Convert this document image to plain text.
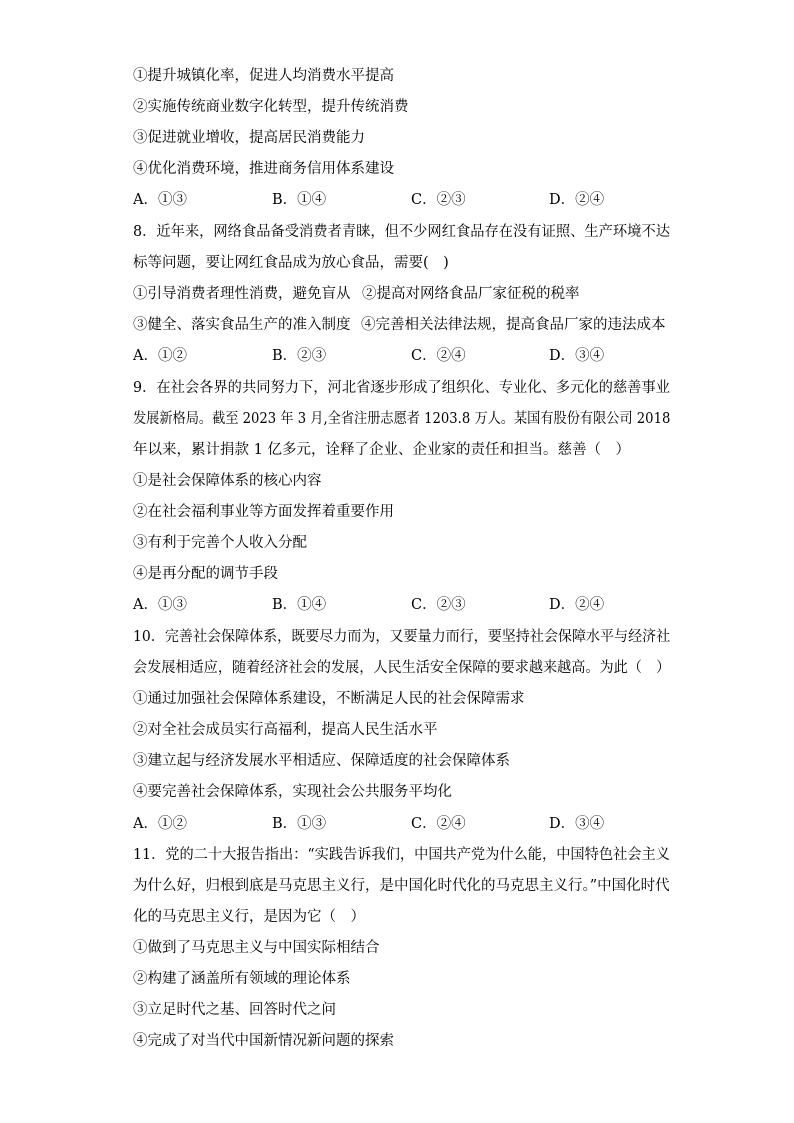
①提升城镇化率，促进人均消费水平提高
②实施传统商业数字化转型，提升传统消费
③促进就业增收，提高居民消费能力
④优化消费环境，推进商务信用体系建设
A．①③	B．①④	C．②③	D．②④
8．近年来，网络食品备受消费者青睐，但不少网红食品存在没有证照、生产环境不达
标等问题，要让网红食品成为放心食品，需要(　)
①引导消费者理性消费，避免盲从 ②提高对网络食品厂家征税的税率
③健全、落实食品生产的准入制度 ④完善相关法律法规，提高食品厂家的违法成本
A．①②	B．②③	C．②④	D．③④
9．在社会各界的共同努力下，河北省逐步形成了组织化、专业化、多元化的慈善事业
发展新格局。截至 2023 年 3 月,全省注册志愿者 1203.8 万人。某国有股份有限公司 2018
年以来，累计捐款 1 亿多元，诠释了企业、企业家的责任和担当。慈善（　）
①是社会保障体系的核心内容
②在社会福利事业等方面发挥着重要作用
③有利于完善个人收入分配
④是再分配的调节手段
A．①③	B．①④	C．②③	D．②④
10．完善社会保障体系，既要尽力而为，又要量力而行，要坚持社会保障水平与经济社
会发展相适应，随着经济社会的发展，人民生活安全保障的要求越来越高。为此（　）
①通过加强社会保障体系建设，不断满足人民的社会保障需求
②对全社会成员实行高福利，提高人民生活水平
③建立起与经济发展水平相适应、保障适度的社会保障体系
④要完善社会保障体系，实现社会公共服务平均化
A．①②	B．①③	C．②④	D．③④
11．党的二十大报告指出：“实践告诉我们，中国共产党为什么能，中国特色社会主义
为什么好，归根到底是马克思主义行，是中国化时代化的马克思主义行。”中国化时代
化的马克思主义行，是因为它（　）
①做到了马克思主义与中国实际相结合
②构建了涵盖所有领域的理论体系
③立足时代之基、回答时代之问
④完成了对当代中国新情况新问题的探索
